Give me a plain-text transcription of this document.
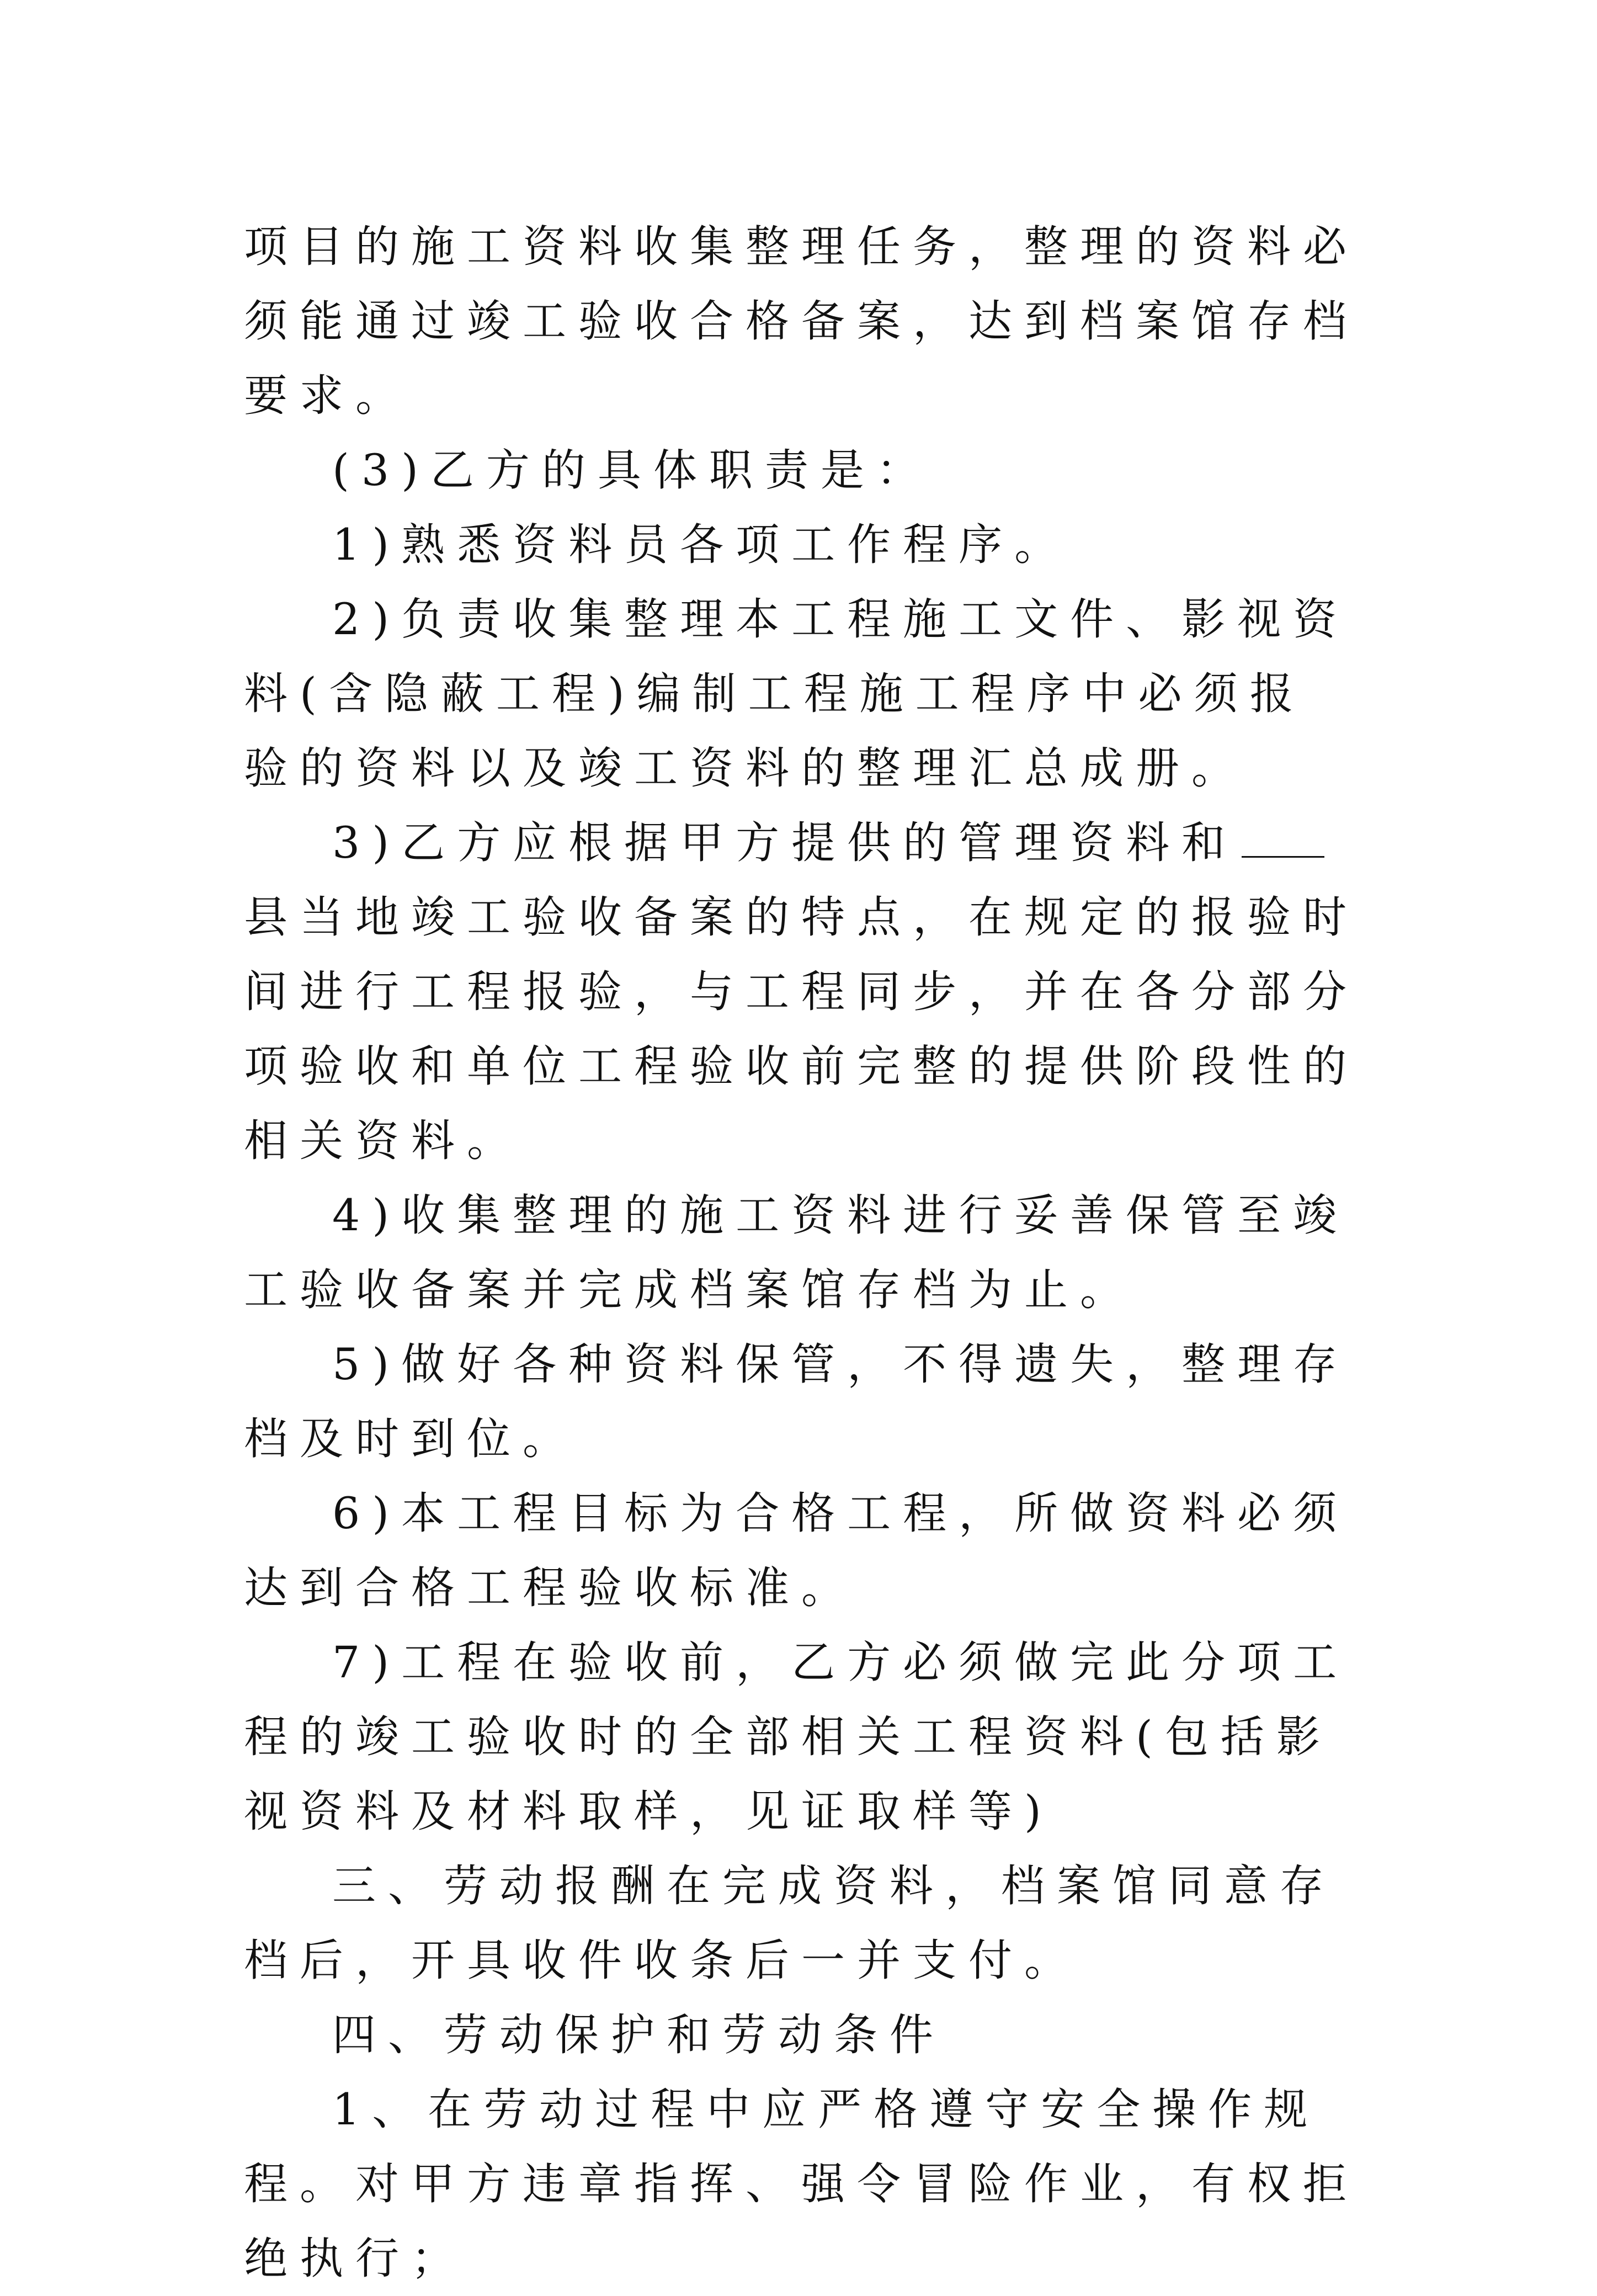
项目的施工资料收集整理任务，整理的资料必须能通过竣工验收合格备案，达到档案馆存档要求。

(3)乙方的具体职责是：

1)熟悉资料员各项工作程序。

2)负责收集整理本工程施工文件、影视资料(含隐蔽工程)编制工程施工程序中必须报验的资料以及竣工资料的整理汇总成册。

3)乙方应根据甲方提供的管理资料和县当地竣工验收备案的特点，在规定的报验时间进行工程报验，与工程同步，并在各分部分项验收和单位工程验收前完整的提供阶段性的相关资料。

4)收集整理的施工资料进行妥善保管至竣工验收备案并完成档案馆存档为止。

5)做好各种资料保管，不得遗失，整理存档及时到位。

6)本工程目标为合格工程，所做资料必须达到合格工程验收标准。

7)工程在验收前，乙方必须做完此分项工程的竣工验收时的全部相关工程资料(包括影视资料及材料取样，见证取样等)

三、劳动报酬在完成资料，档案馆同意存档后，开具收件收条后一并支付。

四、劳动保护和劳动条件

1、在劳动过程中应严格遵守安全操作规程。对甲方违章指挥、强令冒险作业，有权拒绝执行；
